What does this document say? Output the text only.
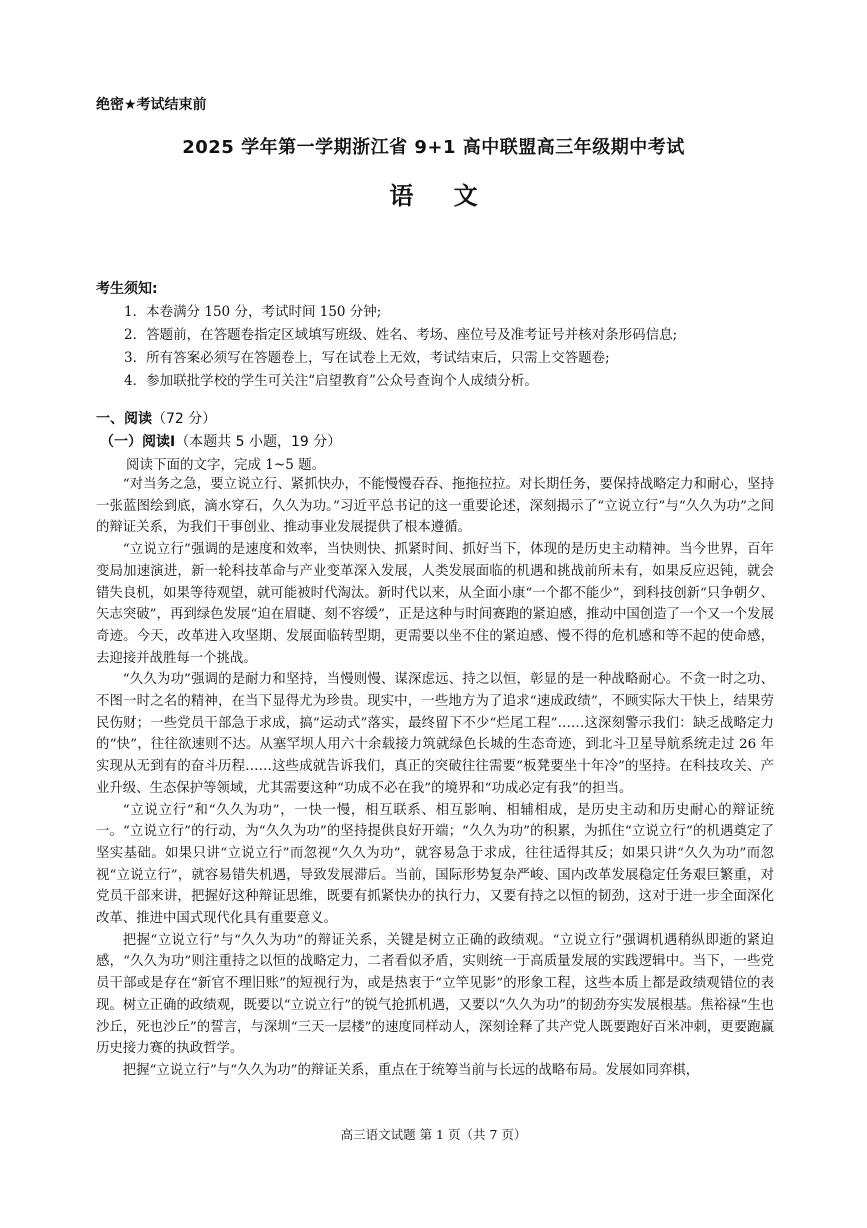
绝密★考试结束前
2025 学年第一学期浙江省 9+1 高中联盟高三年级期中考试
语 文
考生须知:
1．本卷满分 150 分，考试时间 150 分钟;
2．答题前，在答题卷指定区域填写班级、姓名、考场、座位号及准考证号并核对条形码信息;
3．所有答案必须写在答题卷上，写在试卷上无效，考试结束后，只需上交答题卷;
4．参加联批学校的学生可关注“启望教育”公众号查询个人成绩分析。
一、阅读（72 分）
（一）阅读Ⅰ（本题共 5 小题，19 分）
阅读下面的文字，完成 1~5 题。

“对当务之急，要立说立行、紧抓快办，不能慢慢吞吞、拖拖拉拉。对长期任务，要保持战略定力和耐心，坚持一张蓝图绘到底，滴水穿石，久久为功。”习近平总书记的这一重要论述，深刻揭示了“立说立行”与“久久为功”之间的辩证关系，为我们干事创业、推动事业发展提供了根本遵循。

“立说立行”强调的是速度和效率，当快则快、抓紧时间、抓好当下，体现的是历史主动精神。当今世界，百年变局加速演进，新一轮科技革命与产业变革深入发展，人类发展面临的机遇和挑战前所未有，如果反应迟钝，就会错失良机，如果等待观望，就可能被时代淘汰。新时代以来，从全面小康“一个都不能少”，到科技创新“只争朝夕、矢志突破”，再到绿色发展“迫在眉睫、刻不容缓”，正是这种与时间赛跑的紧迫感，推动中国创造了一个又一个发展奇迹。今天，改革进入攻坚期、发展面临转型期，更需要以坐不住的紧迫感、慢不得的危机感和等不起的使命感，去迎接并战胜每一个挑战。

“久久为功”强调的是耐力和坚持，当慢则慢、谋深虑远、持之以恒，彰显的是一种战略耐心。不贪一时之功、不图一时之名的精神，在当下显得尤为珍贵。现实中，一些地方为了追求“速成政绩”，不顾实际大干快上，结果劳民伤财；一些党员干部急于求成，搞“运动式”落实，最终留下不少“烂尾工程”……这深刻警示我们：缺乏战略定力的“快”，往往欲速则不达。从塞罕坝人用六十余载接力筑就绿色长城的生态奇迹，到北斗卫星导航系统走过 26 年实现从无到有的奋斗历程……这些成就告诉我们，真正的突破往往需要“板凳要坐十年冷”的坚持。在科技攻关、产业升级、生态保护等领域，尤其需要这种“功成不必在我”的境界和“功成必定有我”的担当。

“立说立行”和“久久为功”，一快一慢，相互联系、相互影响、相辅相成，是历史主动和历史耐心的辩证统一。“立说立行”的行动，为“久久为功”的坚持提供良好开端；“久久为功”的积累，为抓住“立说立行”的机遇奠定了坚实基础。如果只讲“立说立行”而忽视“久久为功”，就容易急于求成，往往适得其反；如果只讲“久久为功”而忽视“立说立行”，就容易错失机遇，导致发展滞后。当前，国际形势复杂严峻、国内改革发展稳定任务艰巨繁重，对党员干部来讲，把握好这种辩证思维，既要有抓紧快办的执行力，又要有持之以恒的韧劲，这对于进一步全面深化改革、推进中国式现代化具有重要意义。

把握“立说立行”与“久久为功”的辩证关系，关键是树立正确的政绩观。“立说立行”强调机遇稍纵即逝的紧迫感，“久久为功”则注重持之以恒的战略定力，二者看似矛盾，实则统一于高质量发展的实践逻辑中。当下，一些党员干部或是存在“新官不理旧账”的短视行为，或是热衷于“立竿见影”的形象工程，这些本质上都是政绩观错位的表现。树立正确的政绩观，既要以“立说立行”的锐气抢抓机遇，又要以“久久为功”的韧劲夯实发展根基。焦裕禄“生也沙丘，死也沙丘”的誓言，与深圳“三天一层楼”的速度同样动人，深刻诠释了共产党人既要跑好百米冲刺，更要跑赢历史接力赛的执政哲学。

把握“立说立行”与“久久为功”的辩证关系，重点在于统筹当前与长远的战略布局。发展如同弈棋，

高三语文试题 第 1 页（共 7 页）
